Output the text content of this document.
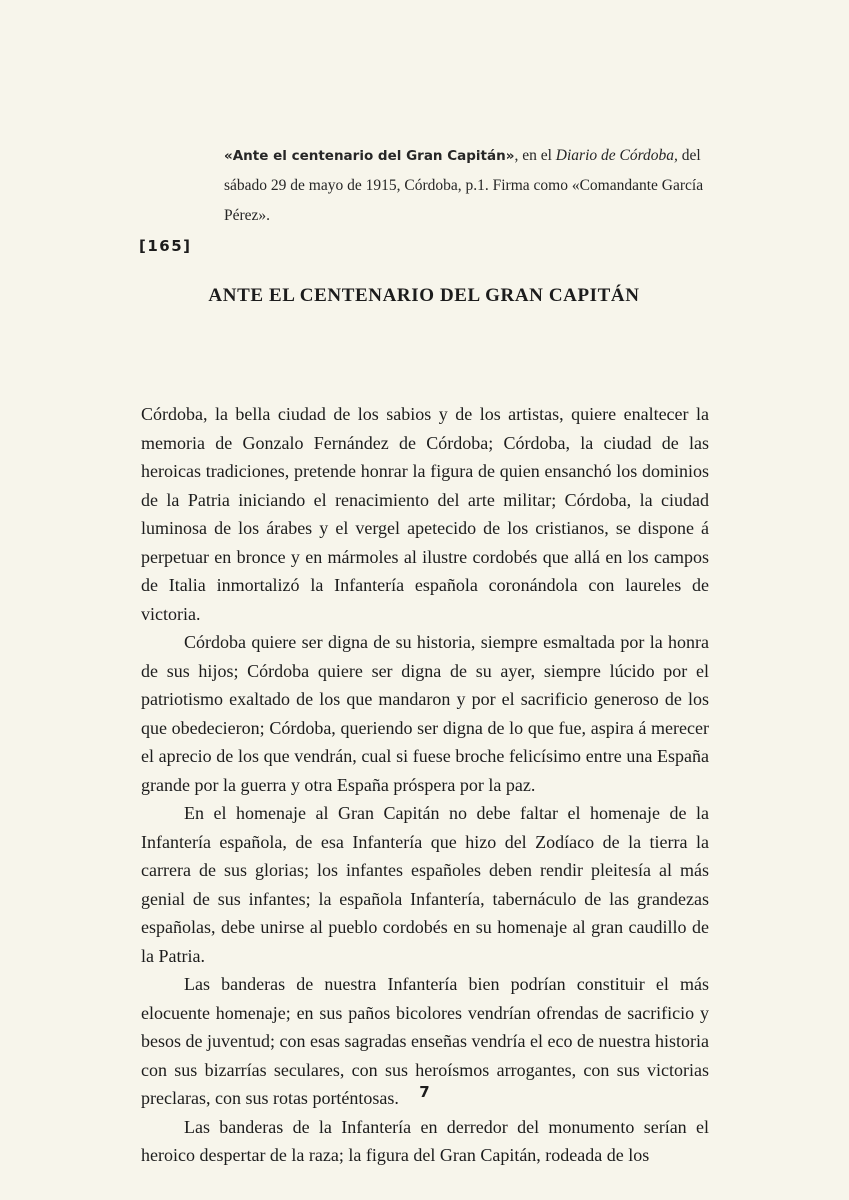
«Ante el centenario del Gran Capitán», en el Diario de Córdoba, del sábado 29 de mayo de 1915, Córdoba, p.1. Firma como «Comandante García Pérez».
[165]
ANTE EL CENTENARIO DEL GRAN CAPITÁN

Córdoba, la bella ciudad de los sabios y de los artistas, quiere enaltecer la memoria de Gonzalo Fernández de Córdoba; Córdoba, la ciudad de las heroicas tradiciones, pretende honrar la figura de quien ensanchó los dominios de la Patria iniciando el renacimiento del arte militar; Córdoba, la ciudad luminosa de los árabes y el vergel apetecido de los cristianos, se dispone á perpetuar en bronce y en mármoles al ilustre cordobés que allá en los campos de Italia inmortalizó la Infantería española coronándola con laureles de victoria.

Córdoba quiere ser digna de su historia, siempre esmaltada por la honra de sus hijos; Córdoba quiere ser digna de su ayer, siempre lúcido por el patriotismo exaltado de los que mandaron y por el sacrificio generoso de los que obedecieron; Córdoba, queriendo ser digna de lo que fue, aspira á merecer el aprecio de los que vendrán, cual si fuese broche felicísimo entre una España grande por la guerra y otra España próspera por la paz.

En el homenaje al Gran Capitán no debe faltar el homenaje de la Infantería española, de esa Infantería que hizo del Zodíaco de la tierra la carrera de sus glorias; los infantes españoles deben rendir pleitesía al más genial de sus infantes; la española Infantería, tabernáculo de las grandezas españolas, debe unirse al pueblo cordobés en su homenaje al gran caudillo de la Patria.

Las banderas de nuestra Infantería bien podrían constituir el más elocuente homenaje; en sus paños bicolores vendrían ofrendas de sacrificio y besos de juventud; con esas sagradas enseñas vendría el eco de nuestra historia con sus bizarrías seculares, con sus heroísmos arrogantes, con sus victorias preclaras, con sus rotas porténtosas.

Las banderas de la Infantería en derredor del monumento serían el heroico despertar de la raza; la figura del Gran Capitán, rodeada de los

7
